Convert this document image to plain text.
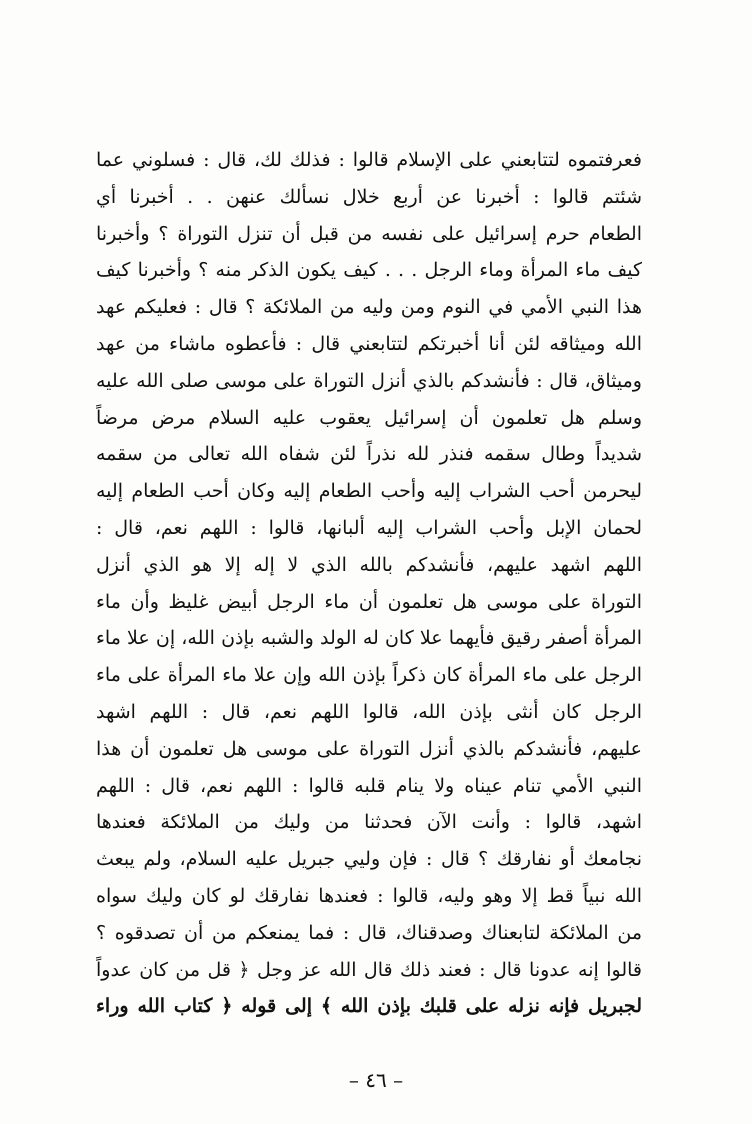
فعرفتموه لتتابعني على الإسلام قالوا : فذلك لك، قال : فسلوني عما
شئتم قالوا : أخبرنا عن أربع خلال نسألك عنهن . . أخبرنا أي
الطعام حرم إسرائيل على نفسه من قبل أن تنزل التوراة ؟ وأخبرنا
كيف ماء المرأة وماء الرجل . . . كيف يكون الذكر منه ؟ وأخبرنا كيف
هذا النبي الأمي في النوم ومن وليه من الملائكة ؟ قال : فعليكم عهد
الله وميثاقه لئن أنا أخبرتكم لتتابعني قال : فأعطوه ماشاء من عهد
وميثاق، قال : فأنشدكم بالذي أنزل التوراة على موسى صلى الله عليه
وسلم هل تعلمون أن إسرائيل يعقوب عليه السلام مرض مرضاً
شديداً وطال سقمه فنذر لله نذراً لئن شفاه الله تعالى من سقمه
ليحرمن أحب الشراب إليه وأحب الطعام إليه وكان أحب الطعام إليه
لحمان الإبل وأحب الشراب إليه ألبانها، قالوا : اللهم نعم، قال :
اللهم اشهد عليهم، فأنشدكم بالله الذي لا إله إلا هو الذي أنزل
التوراة على موسى هل تعلمون أن ماء الرجل أبيض غليظ وأن ماء
المرأة أصفر رقيق فأيهما علا كان له الولد والشبه بإذن الله، إن علا ماء
الرجل على ماء المرأة كان ذكراً بإذن الله وإن علا ماء المرأة على ماء
الرجل كان أنثى بإذن الله، قالوا اللهم نعم، قال : اللهم اشهد
عليهم، فأنشدكم بالذي أنزل التوراة على موسى هل تعلمون أن هذا
النبي الأمي تنام عيناه ولا ينام قلبه قالوا : اللهم نعم، قال : اللهم
اشهد، قالوا : وأنت الآن فحدثنا من وليك من الملائكة فعندها
نجامعك أو نفارقك ؟ قال : فإن وليي جبريل عليه السلام، ولم يبعث
الله نبياً قط إلا وهو وليه، قالوا : فعندها نفارقك لو كان وليك سواه
من الملائكة لتابعناك وصدقناك، قال : فما يمنعكم من أن تصدقوه ؟
قالوا إنه عدونا قال : فعند ذلك قال الله عز وجل ﴿ قل من كان عدواً
لجبريل فإنه نزله على قلبك بإذن الله ﴾ إلى قوله ﴿ كتاب الله وراء
– ٤٦ –
